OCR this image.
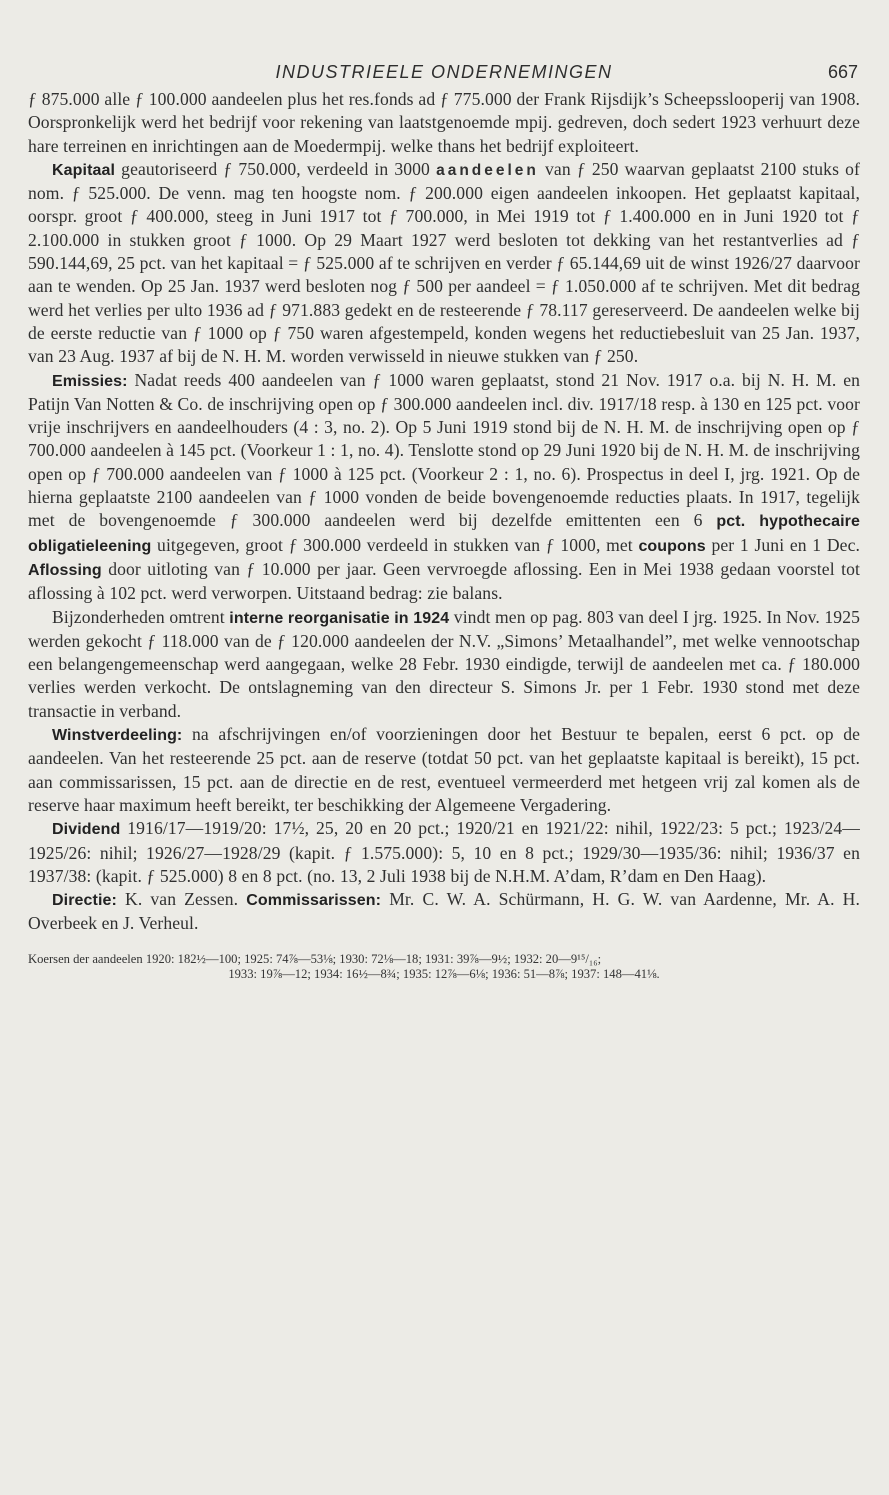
INDUSTRIEELE ONDERNEMINGEN	667

ƒ 875.000 alle ƒ 100.000 aandeelen plus het res.fonds ad ƒ 775.000 der Frank Rijsdijk’s Scheepsslooperij van 1908. Oorspronkelijk werd het bedrijf voor rekening van laatstgenoemde mpij. gedreven, doch sedert 1923 verhuurt deze hare terreinen en inrichtingen aan de Moedermpij. welke thans het bedrijf exploiteert.

Kapitaal geautoriseerd ƒ 750.000, verdeeld in 3000 aandeelen van ƒ 250 waarvan geplaatst 2100 stuks of nom. ƒ 525.000. De venn. mag ten hoogste nom. ƒ 200.000 eigen aandeelen inkoopen. Het geplaatst kapitaal, oorspr. groot ƒ 400.000, steeg in Juni 1917 tot ƒ 700.000, in Mei 1919 tot ƒ 1.400.000 en in Juni 1920 tot ƒ 2.100.000 in stukken groot ƒ 1000. Op 29 Maart 1927 werd besloten tot dekking van het restantverlies ad ƒ 590.144,69, 25 pct. van het kapitaal = ƒ 525.000 af te schrijven en verder ƒ 65.144,69 uit de winst 1926/27 daarvoor aan te wenden. Op 25 Jan. 1937 werd besloten nog ƒ 500 per aandeel = ƒ 1.050.000 af te schrijven. Met dit bedrag werd het verlies per ulto 1936 ad ƒ 971.883 gedekt en de resteerende ƒ 78.117 gereserveerd. De aandeelen welke bij de eerste reductie van ƒ 1000 op ƒ 750 waren afgestempeld, konden wegens het reductiebesluit van 25 Jan. 1937, van 23 Aug. 1937 af bij de N. H. M. worden verwisseld in nieuwe stukken van ƒ 250.

Emissies: Nadat reeds 400 aandeelen van ƒ 1000 waren geplaatst, stond 21 Nov. 1917 o.a. bij N. H. M. en Patijn Van Notten & Co. de inschrijving open op ƒ 300.000 aandeelen incl. div. 1917/18 resp. à 130 en 125 pct. voor vrije inschrijvers en aandeelhouders (4 : 3, no. 2). Op 5 Juni 1919 stond bij de N. H. M. de inschrijving open op ƒ 700.000 aandeelen à 145 pct. (Voorkeur 1 : 1, no. 4). Tenslotte stond op 29 Juni 1920 bij de N. H. M. de inschrijving open op ƒ 700.000 aandeelen van ƒ 1000 à 125 pct. (Voorkeur 2 : 1, no. 6). Prospectus in deel I, jrg. 1921. Op de hierna geplaatste 2100 aandeelen van ƒ 1000 vonden de beide bovengenoemde reducties plaats. In 1917, tegelijk met de bovengenoemde ƒ 300.000 aandeelen werd bij dezelfde emittenten een 6 pct. hypothecaire obligatieleening uitgegeven, groot ƒ 300.000 verdeeld in stukken van ƒ 1000, met coupons per 1 Juni en 1 Dec. Aflossing door uitloting van ƒ 10.000 per jaar. Geen vervroegde aflossing. Een in Mei 1938 gedaan voorstel tot aflossing à 102 pct. werd verworpen. Uitstaand bedrag: zie balans.

Bijzonderheden omtrent interne reorganisatie in 1924 vindt men op pag. 803 van deel I jrg. 1925. In Nov. 1925 werden gekocht ƒ 118.000 van de ƒ 120.000 aandeelen der N.V. „Simons’ Metaalhandel”, met welke vennootschap een belangengemeenschap werd aangegaan, welke 28 Febr. 1930 eindigde, terwijl de aandeelen met ca. ƒ 180.000 verlies werden verkocht. De ontslagneming van den directeur S. Simons Jr. per 1 Febr. 1930 stond met deze transactie in verband.

Winstverdeeling: na afschrijvingen en/of voorzieningen door het Bestuur te bepalen, eerst 6 pct. op de aandeelen. Van het resteerende 25 pct. aan de reserve (totdat 50 pct. van het geplaatste kapitaal is bereikt), 15 pct. aan commissarissen, 15 pct. aan de directie en de rest, eventueel vermeerderd met hetgeen vrij zal komen als de reserve haar maximum heeft bereikt, ter beschikking der Algemeene Vergadering.

Dividend 1916/17—1919/20: 17½, 25, 20 en 20 pct.; 1920/21 en 1921/22: nihil, 1922/23: 5 pct.; 1923/24—1925/26: nihil; 1926/27—1928/29 (kapit. ƒ 1.575.000): 5, 10 en 8 pct.; 1929/30—1935/36: nihil; 1936/37 en 1937/38: (kapit. ƒ 525.000) 8 en 8 pct. (no. 13, 2 Juli 1938 bij de N.H.M. A’dam, R’dam en Den Haag).

Directie: K. van Zessen. Commissarissen: Mr. C. W. A. Schürmann, H. G. W. van Aardenne, Mr. A. H. Overbeek en J. Verheul.

Koersen der aandeelen 1920: 182½—100; 1925: 74⅞—53⅛; 1930: 72⅛—18; 1931: 39⅞—9½; 1932: 20—9¹⁵/₁₆;

1933: 19⅞—12; 1934: 16½—8¾; 1935: 12⅞—6⅛; 1936: 51—8⅞; 1937: 148—41⅛.
